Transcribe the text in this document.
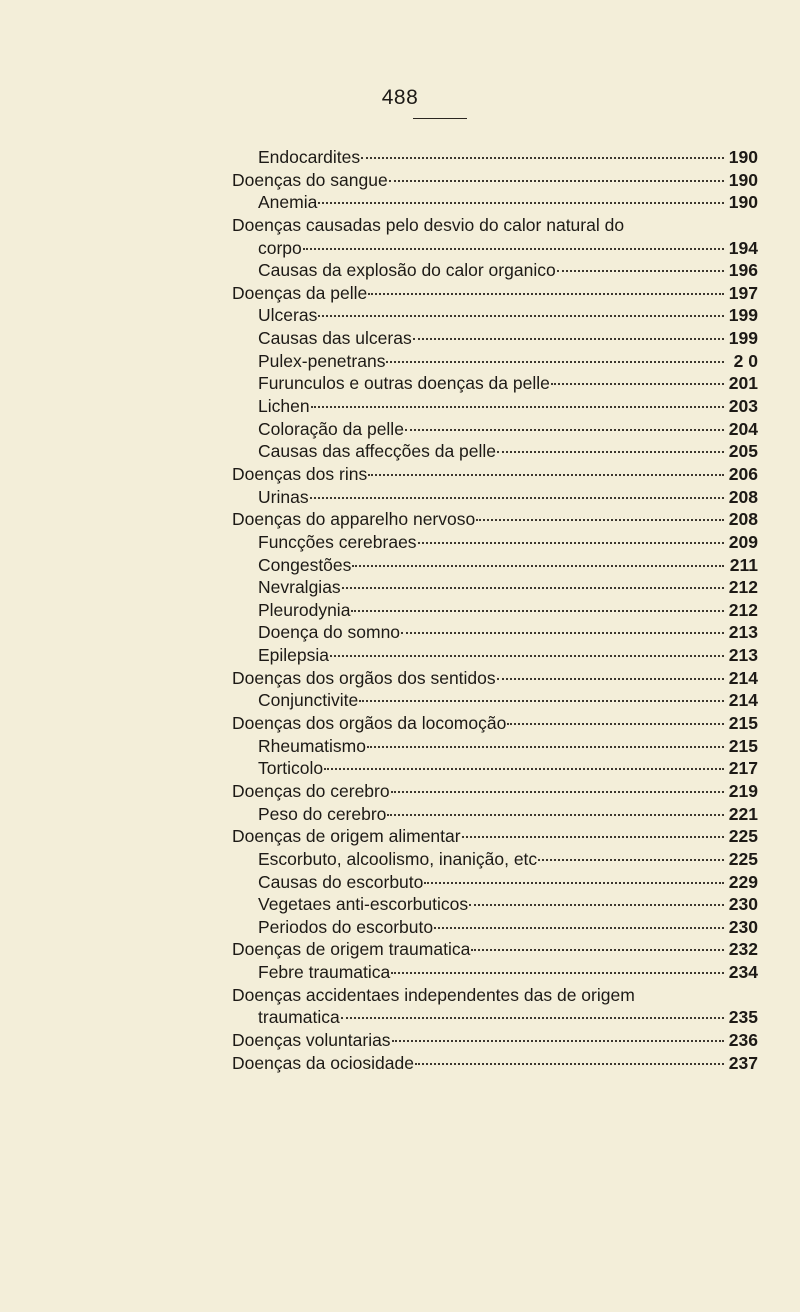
488
Endocardites	190
Doenças do sangue	190
Anemia	190
Doenças causadas pelo desvio do calor natural do
corpo	194
Causas da explosão do calor organico	196
Doenças da pelle	197
Ulceras	199
Causas das ulceras	199
Pulex-penetrans	2 0
Furunculos e outras doenças da pelle	201
Lichen	203
Coloração da pelle	204
Causas das affecções da pelle	205
Doenças dos rins	206
Urinas	208
Doenças do apparelho nervoso	208
Funcções cerebraes	209
Congestões	211
Nevralgias	212
Pleurodynia	212
Doença do somno	213
Epilepsia	213
Doenças dos orgãos dos sentidos	214
Conjunctivite	214
Doenças dos orgãos da locomoção	215
Rheumatismo	215
Torticolo	217
Doenças do cerebro	219
Peso do cerebro	221
Doenças de origem alimentar	225
Escorbuto, alcoolismo, inanição, etc	225
Causas do escorbuto	229
Vegetaes anti-escorbuticos	230
Periodos do escorbuto	230
Doenças de origem traumatica	232
Febre traumatica	234
Doenças accidentaes independentes das de origem
traumatica	235
Doenças voluntarias	236
Doenças da ociosidade	237
